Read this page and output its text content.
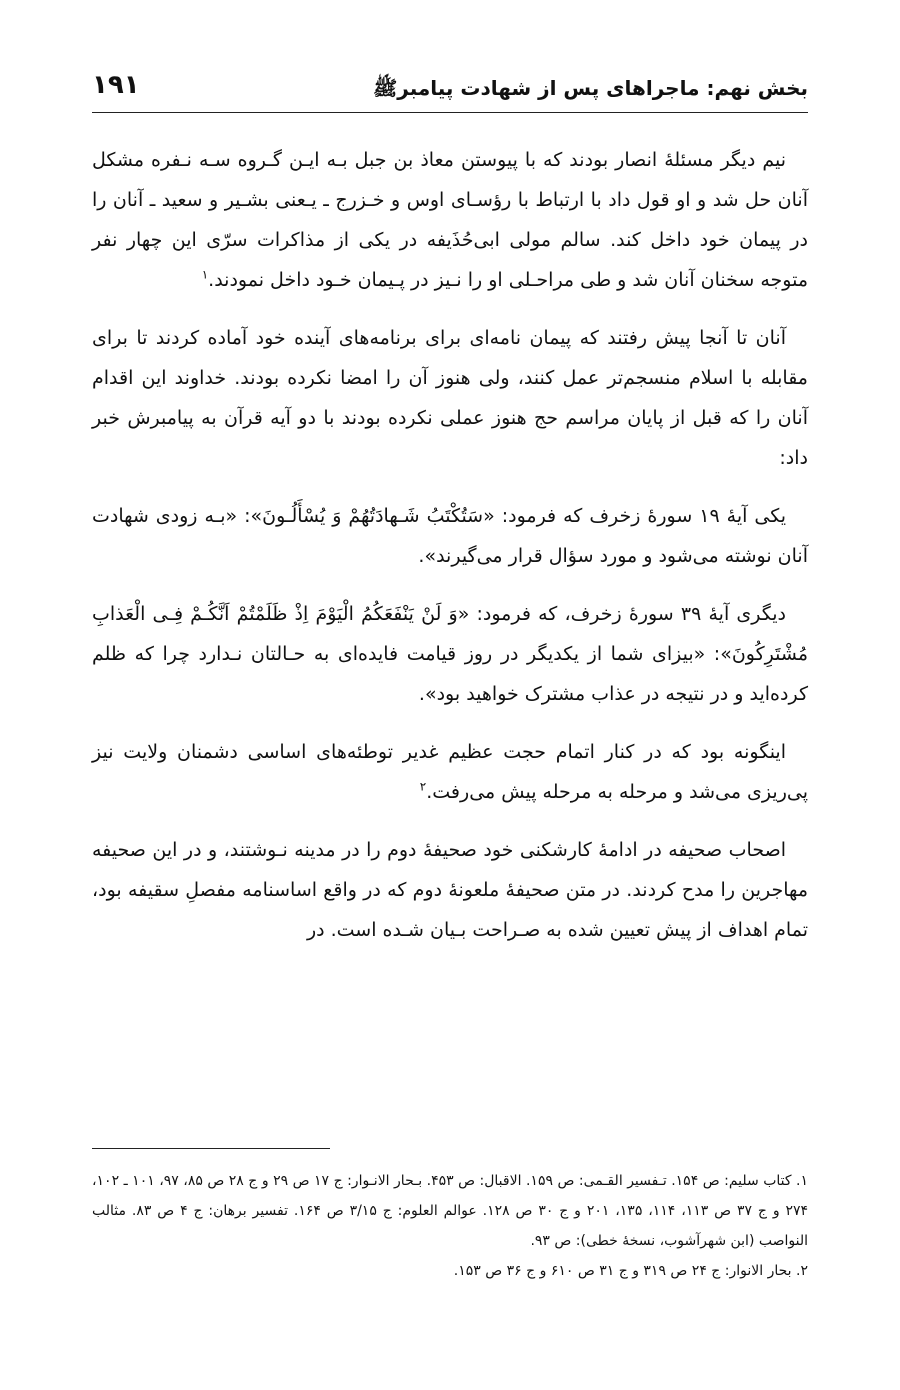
بخش نهم: ماجراهای پس از شهادت پیامبرﷺ
۱۹۱

نیم دیگر مسئلهٔ انصار بودند که با پیوستن معاذ بن جبل بـه ایـن گـروه سـه نـفره مشکل آنان حل شد و او قول داد با ارتباط با رؤسـای اوس و خـزرج ـ یـعنی بشـیر و سعید ـ آنان را در پیمان خود داخل کند. سالم مولی ابی‌حُذَیفه در یکی از مذاکرات سرّی این چهار نفر متوجه سخنان آنان شد و طی مراحـلی او را نـیز در پـیمان خـود داخل نمودند.$^۱$

آنان تا آنجا پیش رفتند که پیمان نامه‌ای برای برنامه‌های آینده خود آماده کردند تا برای مقابله با اسلام منسجم‌تر عمل کنند، ولی هنوز آن را امضا نکرده بودند. خداوند این اقدام آنان را که قبل از پایان مراسم حج هنوز عملی نکرده بودند با دو آیه قرآن به پیامبرش خبر داد:

یکی آیهٔ ۱۹ سورهٔ زخرف که فرمود: «سَتُکْتَبُ شَـهادَتُهُمْ وَ یُسْأَلُـونَ»: «بـه زودی شهادت آنان نوشته می‌شود و مورد سؤال قرار می‌گیرند».

دیگری آیهٔ ۳۹ سورهٔ زخرف، که فرمود: «وَ لَنْ یَنْفَعَکُمُ الْیَوْمَ اِذْ ظَلَمْتُمْ اَنَّکُـمْ فِـی الْعَذابِ مُشْتَرِکُونَ»: «بیزای شما از یکدیگر در روز قیامت فایده‌ای به حـالتان نـدارد چرا که ظلم کرده‌اید و در نتیجه در عذاب مشترک خواهید بود».

اینگونه بود که در کنار اتمام حجت عظیم غدیر توطئه‌های اساسی دشمنان ولایت نیز پی‌ریزی می‌شد و مرحله به مرحله پیش می‌رفت.$^۲$

اصحاب صحیفه در ادامهٔ کارشکنی خود صحیفهٔ دوم را در مدینه نـوشتند، و در این صحیفه مهاجرین را مدح کردند. در متن صحیفهٔ ملعونهٔ دوم که در واقع اساسنامه مفصلِ سقیفه بود، تمام اهداف از پیش تعیین شده به صـراحت بـیان شـده است. در

۱. کتاب سلیم: ص ۱۵۴. تـفسیر القـمی: ص ۱۵۹. الاقبال: ص ۴۵۳. بـحار الانـوار: ج ۱۷ ص ۲۹ و ج ۲۸ ص ۸۵، ۹۷، ۱۰۱ ـ ۱۰۲، ۲۷۴ و ج ۳۷ ص ۱۱۳، ۱۱۴، ۱۳۵، ۲۰۱ و ج ۳۰ ص ۱۲۸. عوالم العلوم: ج ۳/۱۵ ص ۱۶۴. تفسیر برهان: ج ۴ ص ۸۳. مثالب النواصب (ابن شهرآشوب، نسخهٔ خطی): ص ۹۳.

۲. بحار الانوار: ج ۲۴ ص ۳۱۹ و ج ۳۱ ص ۶۱۰ و ج ۳۶ ص ۱۵۳.
